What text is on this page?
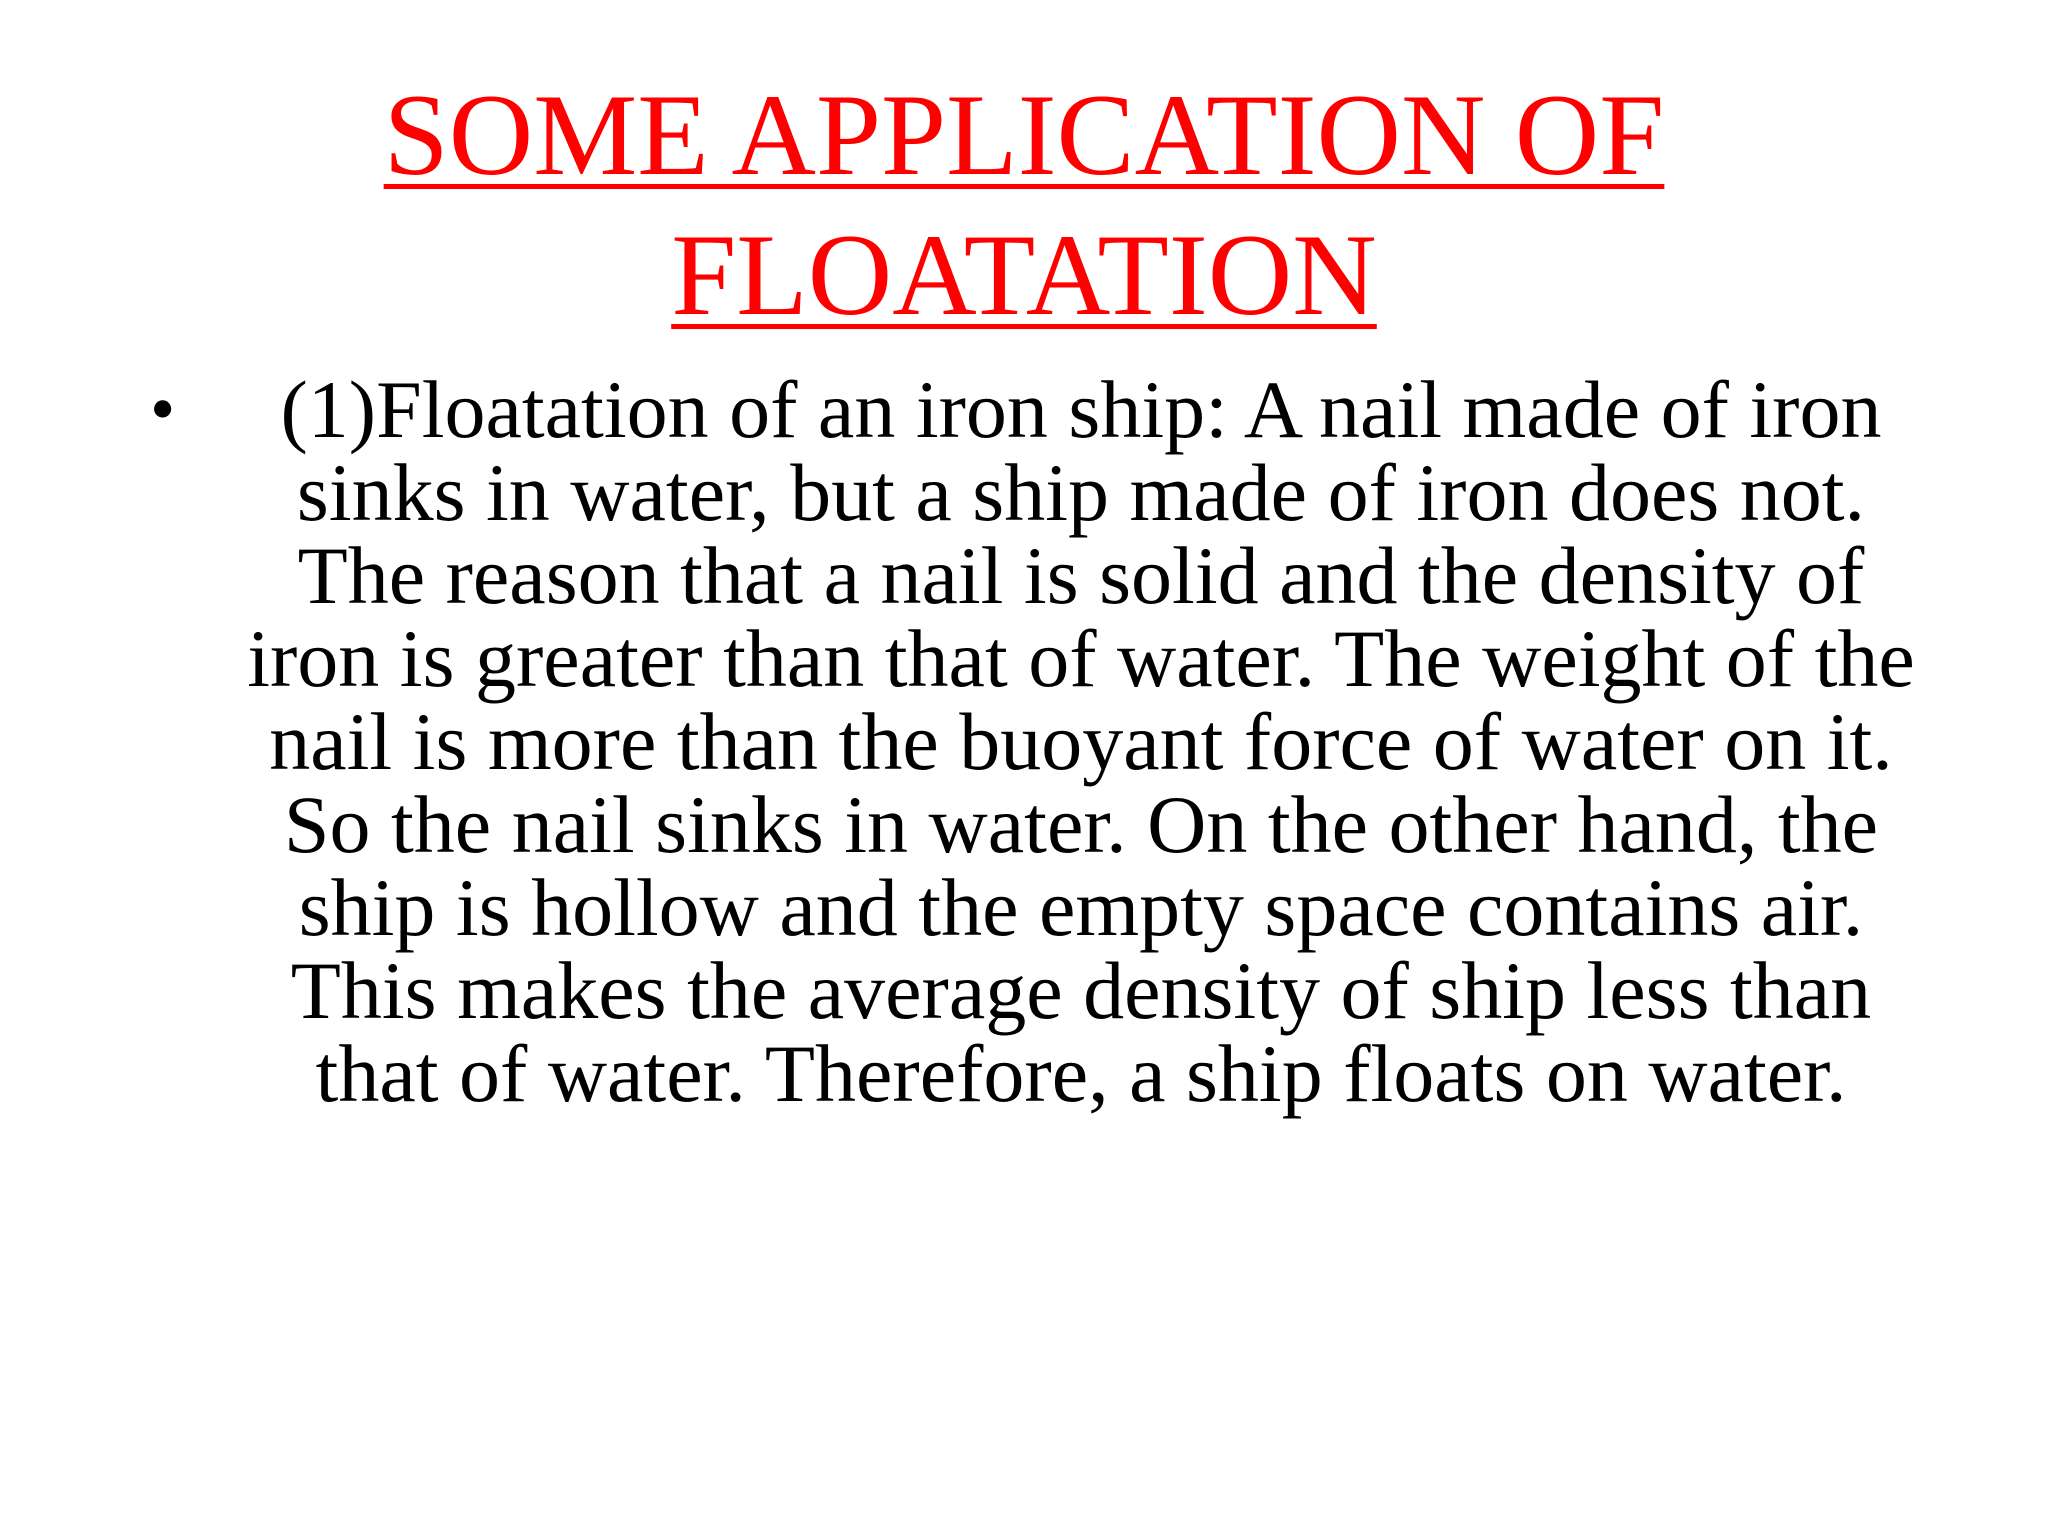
SOME APPLICATION OF
FLOATATION
• (1)Floatation of an iron ship: A nail made of iron sinks in water, but a ship made of iron does not. The reason that a nail is solid and the density of iron is greater than that of water. The weight of the nail is more than the buoyant force of water on it. So the nail sinks in water. On the other hand, the ship is hollow and the empty space contains air. This makes the average density of ship less than that of water. Therefore, a ship floats on water.
